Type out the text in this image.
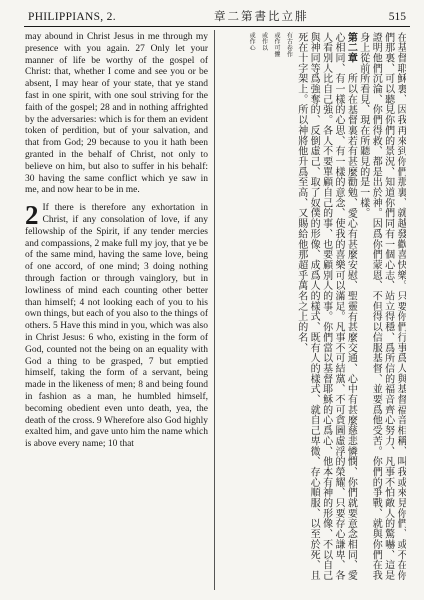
PHILIPPIANS, 2.	章二第書比立腓	515

may abound in Christ Jesus in me through my presence with you again. 27 Only let your manner of life be worthy of the gospel of Christ: that, whether I come and see you or be absent, I may hear of your state, that ye stand fast in one spirit, with one soul striving for the faith of the gospel; 28 and in nothing affrighted by the adversaries: which is for them an evident token of perdition, but of your salvation, and that from God; 29 because to you it hath been granted in the behalf of Christ, not only to believe on him, but also to suffer in his behalf: 30 having the same conflict which ye saw in me, and now hear to be in me.

2 If there is therefore any exhortation in Christ, if any consolation of love, if any fellowship of the Spirit, if any tender mercies and compassions, 2 make full my joy, that ye be of the same mind, having the same love, being of one accord, of one mind; 3 doing nothing through faction or through vainglory, but in lowliness of mind each counting other better than himself; 4 not looking each of you to his own things, but each of you also to the things of others. 5 Have this mind in you, which was also in Christ Jesus: 6 who, existing in the form of God, counted not the being on an equality with God a thing to be grasped, 7 but emptied himself, taking the form of a servant, being made in the likeness of men; 8 and being found in fashion as a man, he humbled himself, becoming obedient even unto death, yea, the death of the cross. 9 Wherefore also God highly exalted him, and gave unto him the name which is above every name; 10 that	在基督耶穌裏、因我再來到你們那裏、就越發歡喜快樂。只要你們行事爲人與基督福音相稱、叫我或來見你們、或不在你們那裏、可以聽見你們的景況、知道你們同有一個心志、站立得穩、爲所信的福音齊心努力、凡事不怕敵人的驚嚇、這是證明他們沉淪、你們得救、都是出於神。因爲你們蒙恩、不但得以信服基督、並要爲他受苦。你們的爭戰、就與你們在我身上從前所看見、現在所聽見的是一樣。

第二章　所以在基督裏若有甚麼勸勉、愛心有甚麼安慰、聖靈有甚麼交通、心中有甚麼慈悲憐憫、你們就要意念相同、愛心相同、有一樣的心思、有一樣的意念、使我的喜樂可以滿足。凡事不可結黨、不可貪圖虛浮的榮耀、只要存心謙卑、各人看別人比自己強。各人不要單顧自己的事、也要顧別人的事。你們當以基督耶穌的心爲心、他本有神的形像、不以自己與神同等爲強奪的、反倒虛己、取了奴僕的形像、成爲人的樣式、既有人的樣式、就自己卑微、存心順服、以至於死、且死在十字架上。所以神將他升爲至高、又賜給他那超乎萬名之上的名、

有古卷作

或作可懼

或作以

或作心
